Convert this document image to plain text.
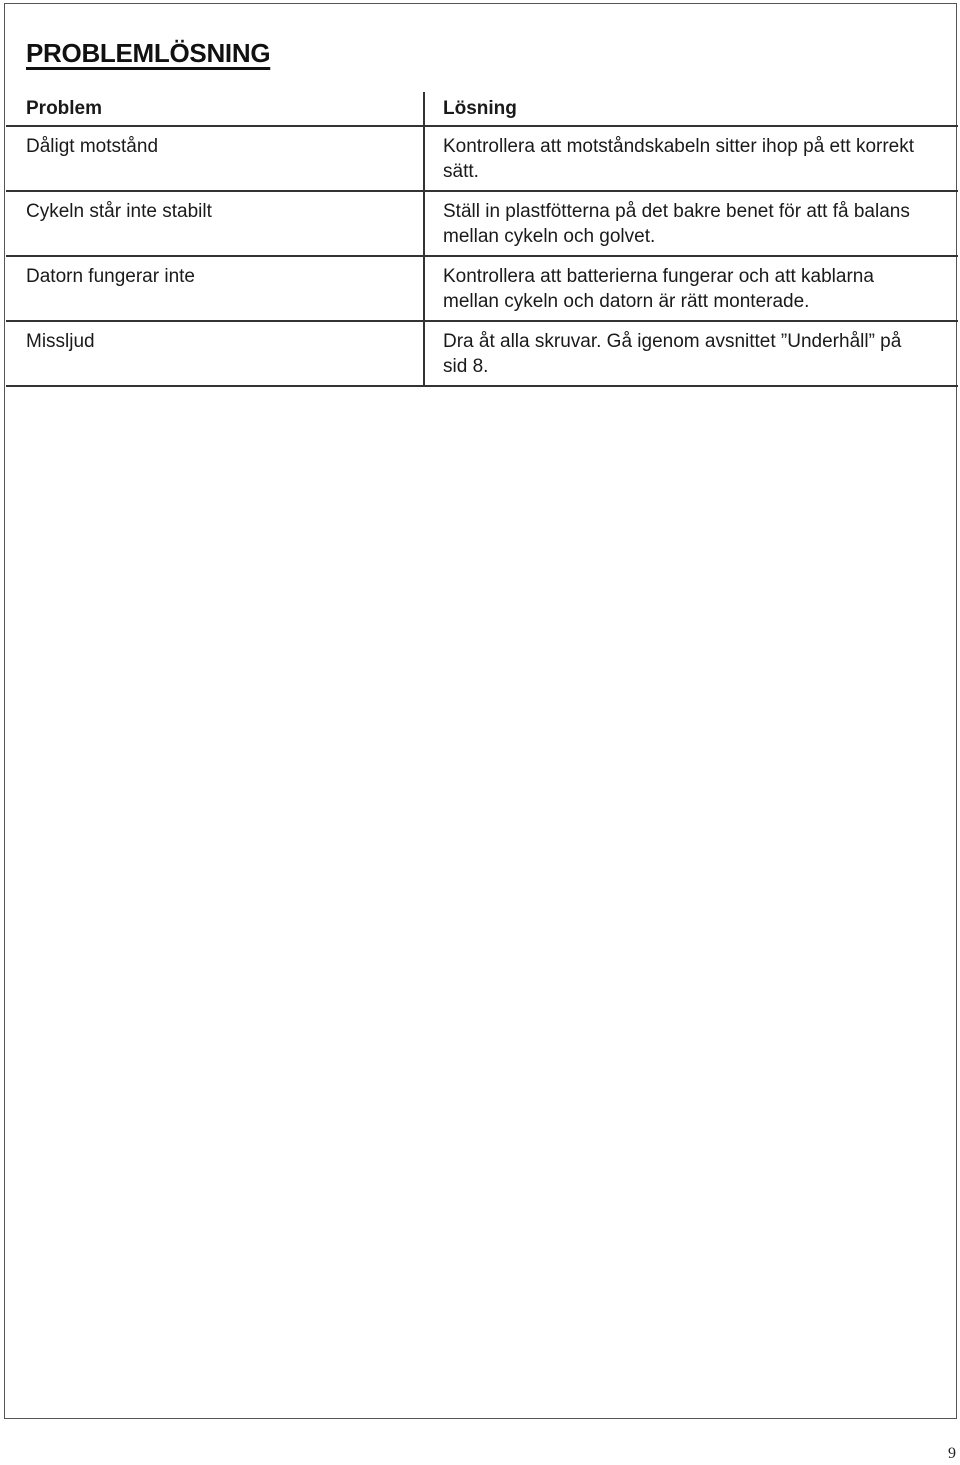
PROBLEMLÖSNING
Problem	Lösning
Dåligt motstånd	Kontrollera att motståndskabeln sitter ihop på ett korrekt sätt.
Cykeln står inte stabilt	Ställ in plastfötterna på det bakre benet för att få balans mellan cykeln och golvet.
Datorn fungerar inte	Kontrollera att batterierna fungerar och att kablarna mellan cykeln och datorn är rätt monterade.
Missljud	Dra åt alla skruvar. Gå igenom avsnittet ”Underhåll” på sid 8.
9
